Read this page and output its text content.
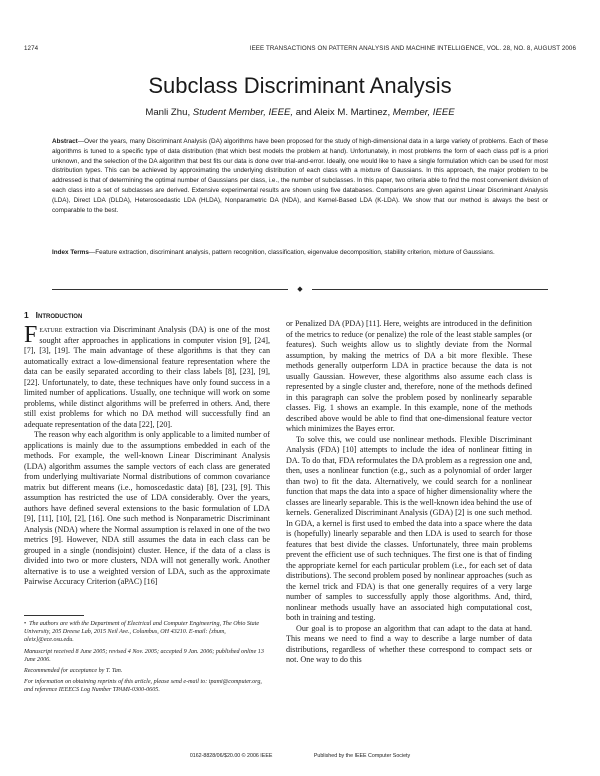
1274	IEEE TRANSACTIONS ON PATTERN ANALYSIS AND MACHINE INTELLIGENCE, VOL. 28, NO. 8, AUGUST 2006
Subclass Discriminant Analysis
Manli Zhu, Student Member, IEEE, and Aleix M. Martinez, Member, IEEE

Abstract—Over the years, many Discriminant Analysis (DA) algorithms have been proposed for the study of high-dimensional data in a large variety of problems. Each of these algorithms is tuned to a specific type of data distribution (that which best models the problem at hand). Unfortunately, in most problems the form of each class pdf is a priori unknown, and the selection of the DA algorithm that best fits our data is done over trial-and-error. Ideally, one would like to have a single formulation which can be used for most distribution types. This can be achieved by approximating the underlying distribution of each class with a mixture of Gaussians. In this approach, the major problem to be addressed is that of determining the optimal number of Gaussians per class, i.e., the number of subclasses. In this paper, two criteria able to find the most convenient division of each class into a set of subclasses are derived. Extensive experimental results are shown using five databases. Comparisons are given against Linear Discriminant Analysis (LDA), Direct LDA (DLDA), Heteroscedastic LDA (HLDA), Nonparametric DA (NDA), and Kernel-Based LDA (K-LDA). We show that our method is always the best or comparable to the best.

Index Terms—Feature extraction, discriminant analysis, pattern recognition, classification, eigenvalue decomposition, stability criterion, mixture of Gaussians.

◆
1 Introduction

Feature extraction via Discriminant Analysis (DA) is one of the most sought after approaches in applications in computer vision [9], [24], [7], [3], [19]. The main advantage of these algorithms is that they can automatically extract a low-dimensional feature representation where the data can be easily separated according to their class labels [8], [23], [9], [22]. Unfortunately, to date, these techniques have only found success in a limited number of applications. Usually, one technique will work on some problems, while distinct algorithms will be preferred in others. And, there still exist problems for which no DA method will successfully find an adequate representation of the data [22], [20].

The reason why each algorithm is only applicable to a limited number of applications is mainly due to the assumptions embedded in each of the methods. For example, the well-known Linear Discriminant Analysis (LDA) algorithm assumes the sample vectors of each class are generated from underlying multivariate Normal distributions of common covariance matrix but different means (i.e., homoscedastic data) [8], [23], [9]. This assumption has restricted the use of LDA considerably. Over the years, authors have defined several extensions to the basic formulation of LDA [9], [11], [10], [2], [16]. One such method is Nonparametric Discriminant Analysis (NDA) where the Normal assumption is relaxed in one of the two metrics [9]. However, NDA still assumes the data in each class can be grouped in a single (nondisjoint) cluster. Hence, if the data of a class is divided into two or more clusters, NDA will not generally work. Another alternative is to use a weighted version of LDA, such as the approximate Pairwise Accuracy Criterion (aPAC) [16]

or Penalized DA (PDA) [11]. Here, weights are introduced in the definition of the metrics to reduce (or penalize) the role of the least stable samples (or features). Such weights allow us to slightly deviate from the Normal assumption, by making the metrics of DA a bit more flexible. These methods generally outperform LDA in practice because the data is not usually Gaussian. However, these algorithms also assume each class is represented by a single cluster and, therefore, none of the methods defined in this paragraph can solve the problem posed by nonlinearly separable classes. Fig. 1 shows an example. In this example, none of the methods described above would be able to find that one-dimensional feature vector which minimizes the Bayes error.

To solve this, we could use nonlinear methods. Flexible Discriminant Analysis (FDA) [10] attempts to include the idea of nonlinear fitting in DA. To do that, FDA reformulates the DA problem as a regression one and, then, uses a nonlinear function (e.g., such as a polynomial of order larger than two) to fit the data. Alternatively, we could search for a nonlinear function that maps the data into a space of higher dimensionality where the classes are linearly separable. This is the well-known idea behind the use of kernels. Generalized Discriminant Analysis (GDA) [2] is one such method. In GDA, a kernel is first used to embed the data into a space where the data is (hopefully) linearly separable and then LDA is used to search for those features that best divide the classes. Unfortunately, three main problems prevent the efficient use of such techniques. The first one is that of finding the appropriate kernel for each particular problem (i.e., for each set of data distributions). The second problem posed by nonlinear approaches (such as the kernel trick and FDA) is that one generally requires of a very large number of samples to successfully apply those algorithms. And, third, nonlinear methods usually have an associated high computational cost, both in training and testing.

Our goal is to propose an algorithm that can adapt to the data at hand. This means we need to find a way to describe a large number of data distributions, regardless of whether these correspond to compact sets or not. One way to do this

• The authors are with the Department of Electrical and Computer Engineering, The Ohio State University, 205 Dreese Lab, 2015 Neil Ave., Columbus, OH 43210. E-mail: {zhum, aleix}@ece.osu.edu.

Manuscript received 8 June 2005; revised 4 Nov. 2005; accepted 9 Jan. 2006; published online 13 June 2006.

Recommended for acceptance by T. Tan.

For information on obtaining reprints of this article, please send e-mail to: tpami@computer.org, and reference IEEECS Log Number TPAMI-0300-0605.

0162-8828/06/$20.00 © 2006 IEEE	Published by the IEEE Computer Society
